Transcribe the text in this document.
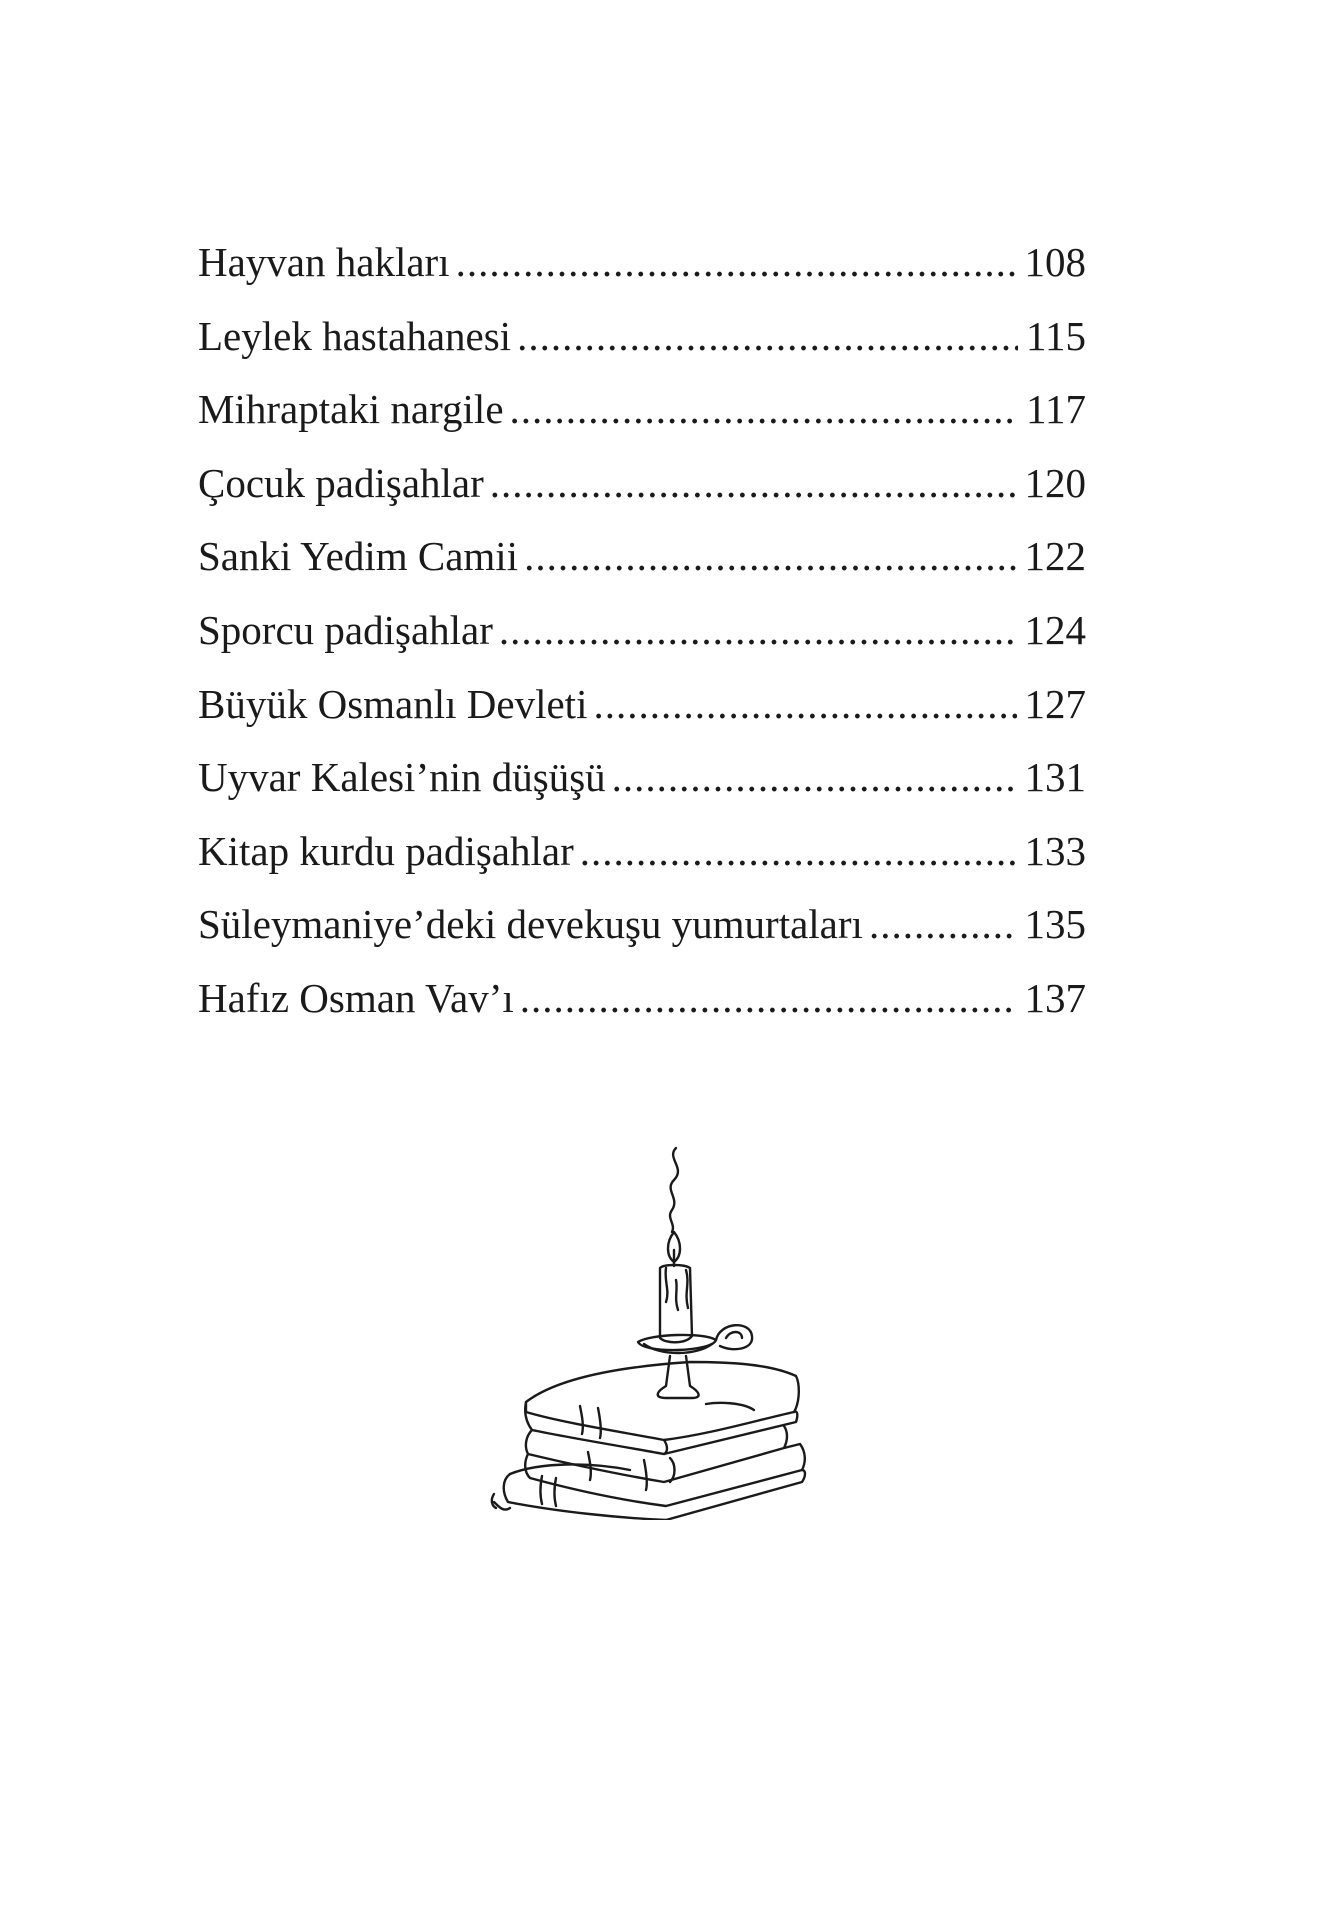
Hayvan hakları .....	108
Leylek hastahanesi .....	115
Mihraptaki nargile .....	117
Çocuk padişahlar .....	120
Sanki Yedim Camii .....	122
Sporcu padişahlar .....	124
Büyük Osmanlı Devleti .....	127
Uyvar Kalesi’nin düşüşü .....	131
Kitap kurdu padişahlar .....	133
Süleymaniye’deki devekuşu yumurtaları .....	135
Hafız Osman Vav’ı .....	137
